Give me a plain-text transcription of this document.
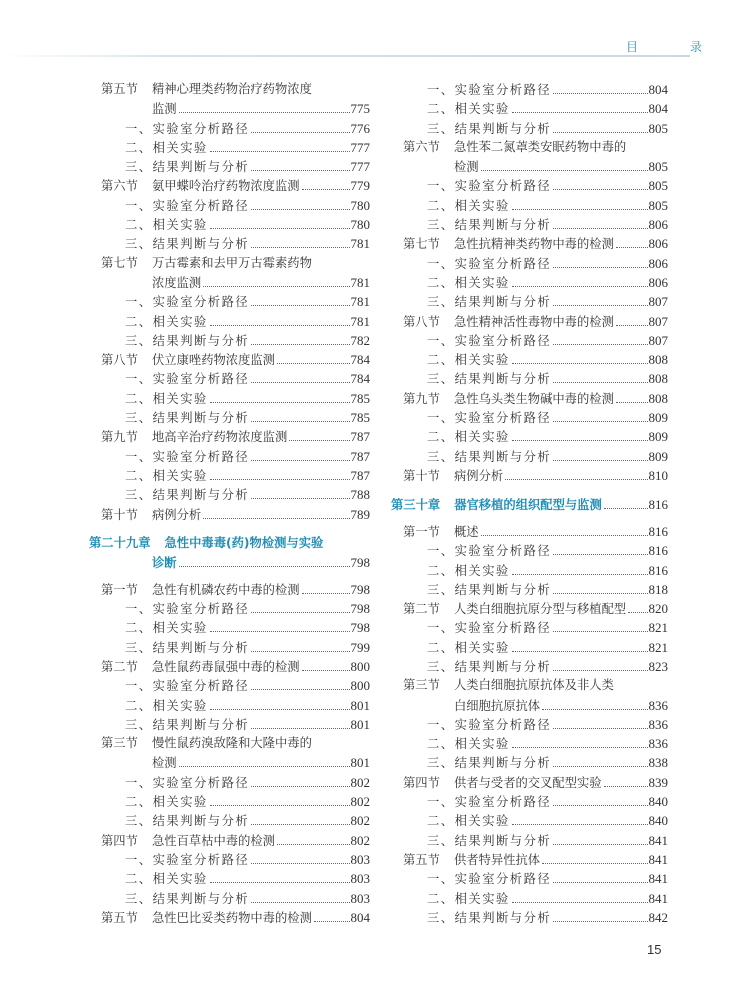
目　录
第五节	精神心理类药物治疗药物浓度
监测	775
一、实验室分析路径	776
二、相关实验	777
三、结果判断与分析	777
第六节	氨甲蝶呤治疗药物浓度监测	779
一、实验室分析路径	780
二、相关实验	780
三、结果判断与分析	781
第七节	万古霉素和去甲万古霉素药物
浓度监测	781
一、实验室分析路径	781
二、相关实验	781
三、结果判断与分析	782
第八节	伏立康唑药物浓度监测	784
一、实验室分析路径	784
二、相关实验	785
三、结果判断与分析	785
第九节	地高辛治疗药物浓度监测	787
一、实验室分析路径	787
二、相关实验	787
三、结果判断与分析	788
第十节	病例分析	789
第二十九章 急性中毒毒(药)物检测与实验
诊断	798
第一节	急性有机磷农药中毒的检测	798
一、实验室分析路径	798
二、相关实验	798
三、结果判断与分析	799
第二节	急性鼠药毒鼠强中毒的检测	800
一、实验室分析路径	800
二、相关实验	801
三、结果判断与分析	801
第三节	慢性鼠药溴敌隆和大隆中毒的
检测	801
一、实验室分析路径	802
二、相关实验	802
三、结果判断与分析	802
第四节	急性百草枯中毒的检测	802
一、实验室分析路径	803
二、相关实验	803
三、结果判断与分析	803
第五节	急性巴比妥类药物中毒的检测	804
一、实验室分析路径	804
二、相关实验	804
三、结果判断与分析	805
第六节	急性苯二氮䓬类安眠药物中毒的
检测	805
一、实验室分析路径	805
二、相关实验	805
三、结果判断与分析	806
第七节	急性抗精神类药物中毒的检测	806
一、实验室分析路径	806
二、相关实验	806
三、结果判断与分析	807
第八节	急性精神活性毒物中毒的检测	807
一、实验室分析路径	807
二、相关实验	808
三、结果判断与分析	808
第九节	急性乌头类生物碱中毒的检测	808
一、实验室分析路径	809
二、相关实验	809
三、结果判断与分析	809
第十节	病例分析	810
第三十章 器官移植的组织配型与监测	816
第一节	概述	816
一、实验室分析路径	816
二、相关实验	816
三、结果判断与分析	818
第二节	人类白细胞抗原分型与移植配型 820
一、实验室分析路径	821
二、相关实验	821
三、结果判断与分析	823
第三节	人类白细胞抗原抗体及非人类
白细胞抗原抗体	836
一、实验室分析路径	836
二、相关实验	836
三、结果判断与分析	838
第四节	供者与受者的交叉配型实验	839
一、实验室分析路径	840
二、相关实验	840
三、结果判断与分析	841
第五节	供者特异性抗体	841
一、实验室分析路径	841
二、相关实验	841
三、结果判断与分析	842
15
